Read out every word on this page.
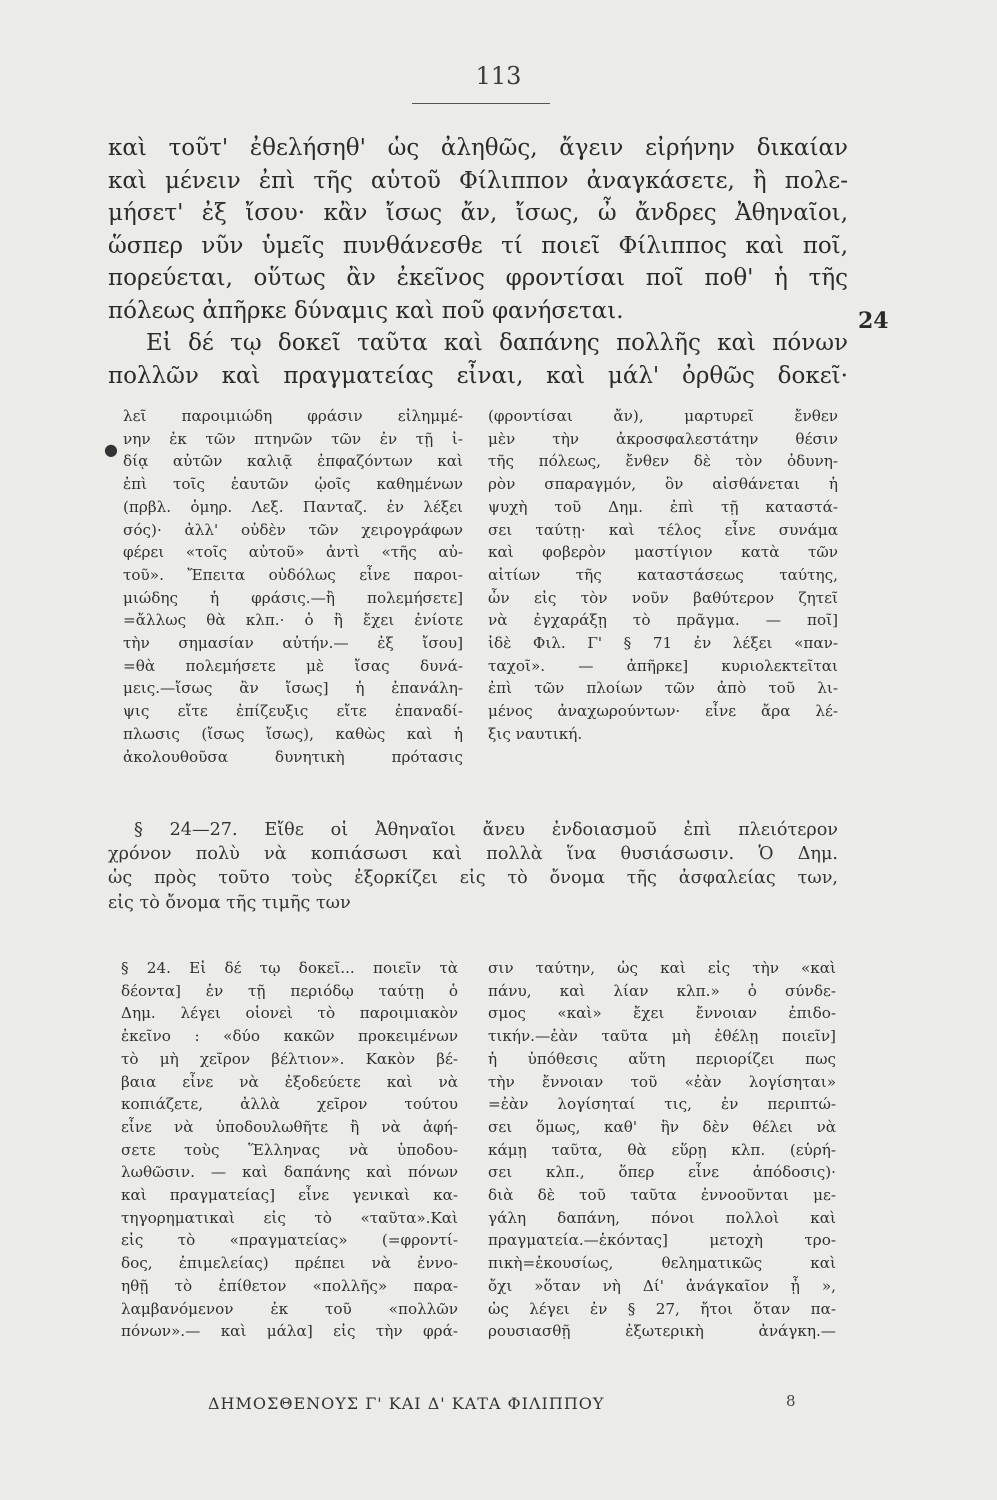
113
καὶ τοῦτ' ἐθελήσηθ' ὡς ἀληθῶς, ἄγειν εἰρήνην δικαίαν
καὶ μένειν ἐπὶ τῆς αὑτοῦ Φίλιππον ἀναγκάσετε, ἢ πολε-
μήσετ' ἐξ ἴσου· κἂν ἴσως ἄν, ἴσως, ὦ ἄνδρες Ἀθηναῖοι,
ὥσπερ νῦν ὑμεῖς πυνθάνεσθε τί ποιεῖ Φίλιππος καὶ ποῖ,
πορεύεται, οὕτως ἂν ἐκεῖνος φροντίσαι ποῖ ποθ' ἡ τῆς
πόλεως ἀπῆρκε δύναμις καὶ ποῦ φανήσεται.
Εἰ δέ τῳ δοκεῖ ταῦτα καὶ δαπάνης πολλῆς καὶ πόνων
πολλῶν καὶ πραγματείας εἶναι, καὶ μάλ' ὀρθῶς δοκεῖ·
24
●
λεῖ παροιμιώδη φράσιν εἰλημμέ-
νην ἐκ τῶν πτηνῶν τῶν ἐν τῇ ἰ-
δίᾳ αὐτῶν καλιᾷ ἐπφαζόντων καὶ
ἐπὶ τοῖς ἑαυτῶν ᾠοῖς καθημένων
(πρβλ. ὁμηρ. Λεξ. Πανταζ. ἐν λέξει
σός)· ἀλλ' οὐδὲν τῶν χειρογράφων
φέρει «τοῖς αὐτοῦ» ἀντὶ «τῆς αὐ-
τοῦ». Ἔπειτα οὐδόλως εἶνε παροι-
μιώδης ἡ φράσις.—ἢ πολεμήσετε]
=ἄλλως θὰ κλπ.· ὁ ἢ ἔχει ἐνίοτε
τὴν σημασίαν αὐτήν.— ἐξ ἴσου]
=θὰ πολεμήσετε μὲ ἴσας δυνά-
μεις.—ἴσως ἂν ἴσως] ἡ ἐπανάλη-
ψις εἴτε ἐπίζευξις εἴτε ἐπαναδί-
πλωσις (ἴσως ἴσως), καθὼς καὶ ἡ
ἀκολουθοῦσα δυνητικὴ πρότασις
(φροντίσαι ἄν), μαρτυρεῖ ἔνθεν
μὲν τὴν ἀκροσφαλεστάτην θέσιν
τῆς πόλεως, ἔνθεν δὲ τὸν ὀδυνη-
ρὸν σπαραγμόν, ὃν αἰσθάνεται ἡ
ψυχὴ τοῦ Δημ. ἐπὶ τῇ καταστά-
σει ταύτῃ· καὶ τέλος εἶνε συνάμα
καὶ φοβερὸν μαστίγιον κατὰ τῶν
αἰτίων τῆς καταστάσεως ταύτης,
ὧν εἰς τὸν νοῦν βαθύτερον ζητεῖ
νὰ ἐγχαράξῃ τὸ πρᾶγμα. — ποῖ]
ἰδὲ Φιλ. Γ' § 71 ἐν λέξει «παν-
ταχοῖ». — ἀπῆρκε] κυριολεκτεῖται
ἐπὶ τῶν πλοίων τῶν ἀπὸ τοῦ λι-
μένος ἀναχωρούντων· εἶνε ἄρα λέ-
ξις ναυτική.
§ 24—27. Εἴθε οἱ Ἀθηναῖοι ἄνευ ἐνδοιασμοῦ ἐπὶ πλειότερον
χρόνον πολὺ νὰ κοπιάσωσι καὶ πολλὰ ἵνα θυσιάσωσιν. Ὁ Δημ.
ὡς πρὸς τοῦτο τοὺς ἐξορκίζει εἰς τὸ ὄνομα τῆς ἀσφαλείας των,
εἰς τὸ ὄνομα τῆς τιμῆς των
§ 24. Εἰ δέ τῳ δοκεῖ... ποιεῖν τὰ
δέοντα] ἐν τῇ περιόδῳ ταύτῃ ὁ
Δημ. λέγει οἱονεὶ τὸ παροιμιακὸν
ἐκεῖνο : «δύο κακῶν προκειμένων
τὸ μὴ χεῖρον βέλτιον». Κακὸν βέ-
βαια εἶνε νὰ ἐξοδεύετε καὶ νὰ
κοπιάζετε, ἀλλὰ χεῖρον τούτου
εἶνε νὰ ὑποδουλωθῆτε ἢ νὰ ἀφή-
σετε τοὺς Ἕλληνας νὰ ὑποδου-
λωθῶσιν. — καὶ δαπάνης καὶ πόνων
καὶ πραγματείας] εἶνε γενικαὶ κα-
τηγορηματικαὶ εἰς τὸ «ταῦτα».Καὶ
εἰς τὸ «πραγματείας» (=φροντί-
δος, ἐπιμελείας) πρέπει νὰ ἐννο-
ηθῇ τὸ ἐπίθετον «πολλῆς» παρα-
λαμβανόμενον ἐκ τοῦ «πολλῶν
πόνων».— καὶ μάλα] εἰς τὴν φρά-
σιν ταύτην, ὡς καὶ εἰς τὴν «καὶ
πάνυ, καὶ λίαν κλπ.» ὁ σύνδε-
σμος «καὶ» ἔχει ἔννοιαν ἐπιδο-
τικήν.—ἐὰν ταῦτα μὴ ἐθέλῃ ποιεῖν]
ἡ ὑπόθεσις αὕτη περιορίζει πως
τὴν ἔννοιαν τοῦ «ἐὰν λογίσηται»
=ἐὰν λογίσηταί τις, ἐν περιπτώ-
σει ὅμως, καθ' ἣν δὲν θέλει νὰ
κάμῃ ταῦτα, θὰ εὕρῃ κλπ. (εὑρή-
σει κλπ., ὅπερ εἶνε ἀπόδοσις)·
διὰ δὲ τοῦ ταῦτα ἐννοοῦνται με-
γάλη δαπάνη, πόνοι πολλοὶ καὶ
πραγματεία.—ἑκόντας] μετοχὴ τρο-
πικὴ=ἑκουσίως, θεληματικῶς καὶ
ὄχι »ὅταν νὴ Δί' ἀνάγκαῖον ᾖ »,
ὡς λέγει ἐν § 27, ἤτοι ὅταν πα-
ρουσιασθῇ ἐξωτερικὴ ἀνάγκη.—
ΔΗΜΟΣΘΕΝΟΥΣ Γ' ΚΑΙ Δ' ΚΑΤΑ ΦΙΛΙΠΠΟΥ	8
